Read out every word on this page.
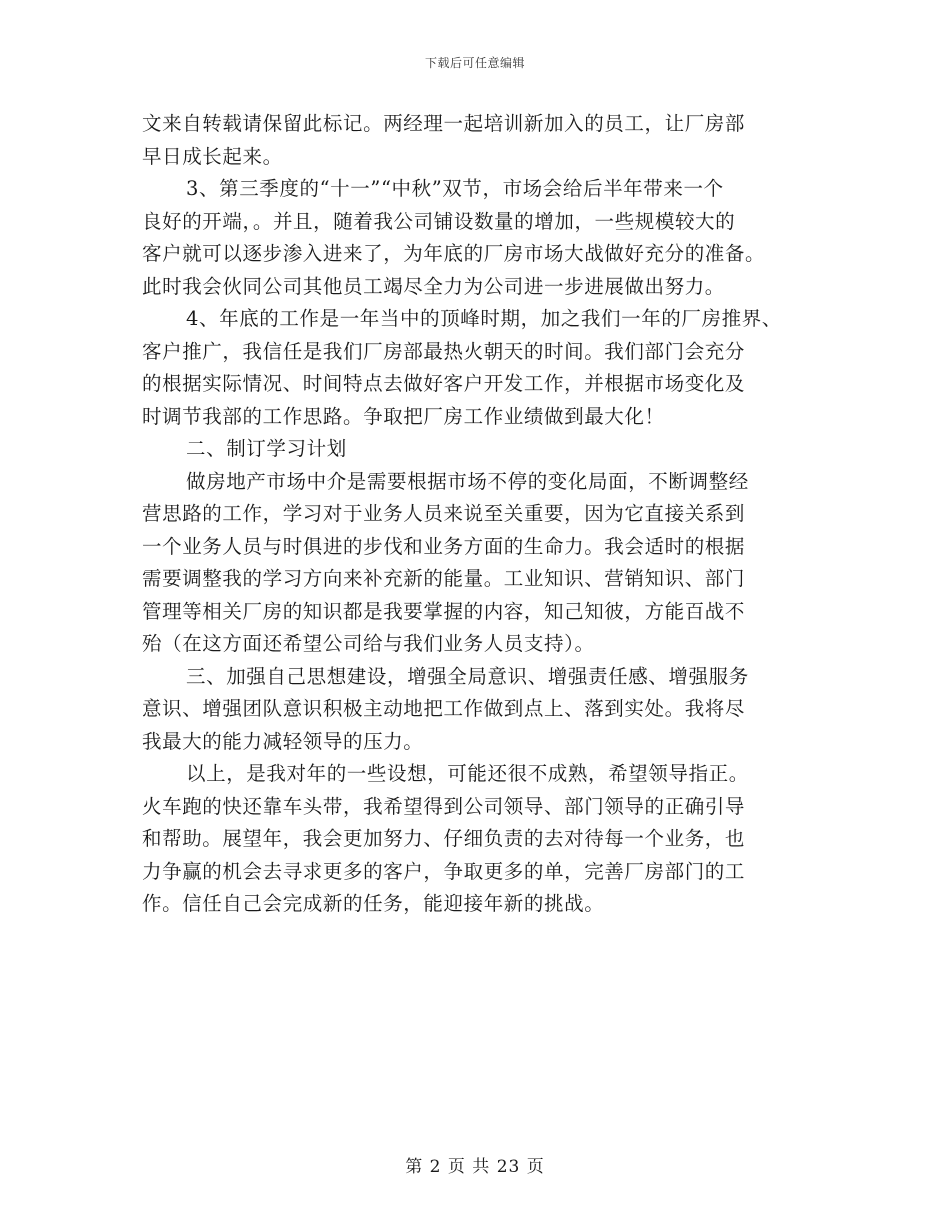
下载后可任意编辑
文来自转载请保留此标记。两经理一起培训新加入的员工，让厂房部
早日成长起来。
3、第三季度的“十一”“中秋”双节，市场会给后半年带来一个
良好的开端，。并且，随着我公司铺设数量的增加，一些规模较大的
客户就可以逐步渗入进来了，为年底的厂房市场大战做好充分的准备。
此时我会伙同公司其他员工竭尽全力为公司进一步进展做出努力。
4、年底的工作是一年当中的顶峰时期，加之我们一年的厂房推界、
客户推广，我信任是我们厂房部最热火朝天的时间。我们部门会充分
的根据实际情况、时间特点去做好客户开发工作，并根据市场变化及
时调节我部的工作思路。争取把厂房工作业绩做到最大化！
二、制订学习计划
做房地产市场中介是需要根据市场不停的变化局面，不断调整经
营思路的工作，学习对于业务人员来说至关重要，因为它直接关系到
一个业务人员与时俱进的步伐和业务方面的生命力。我会适时的根据
需要调整我的学习方向来补充新的能量。工业知识、营销知识、部门
管理等相关厂房的知识都是我要掌握的内容，知己知彼，方能百战不
殆（在这方面还希望公司给与我们业务人员支持）。
三、加强自己思想建设，增强全局意识、增强责任感、增强服务
意识、增强团队意识积极主动地把工作做到点上、落到实处。我将尽
我最大的能力减轻领导的压力。
以上，是我对年的一些设想，可能还很不成熟，希望领导指正。
火车跑的快还靠车头带，我希望得到公司领导、部门领导的正确引导
和帮助。展望年，我会更加努力、仔细负责的去对待每一个业务，也
力争赢的机会去寻求更多的客户，争取更多的单，完善厂房部门的工
作。信任自己会完成新的任务，能迎接年新的挑战。
第 2 页 共 23 页
